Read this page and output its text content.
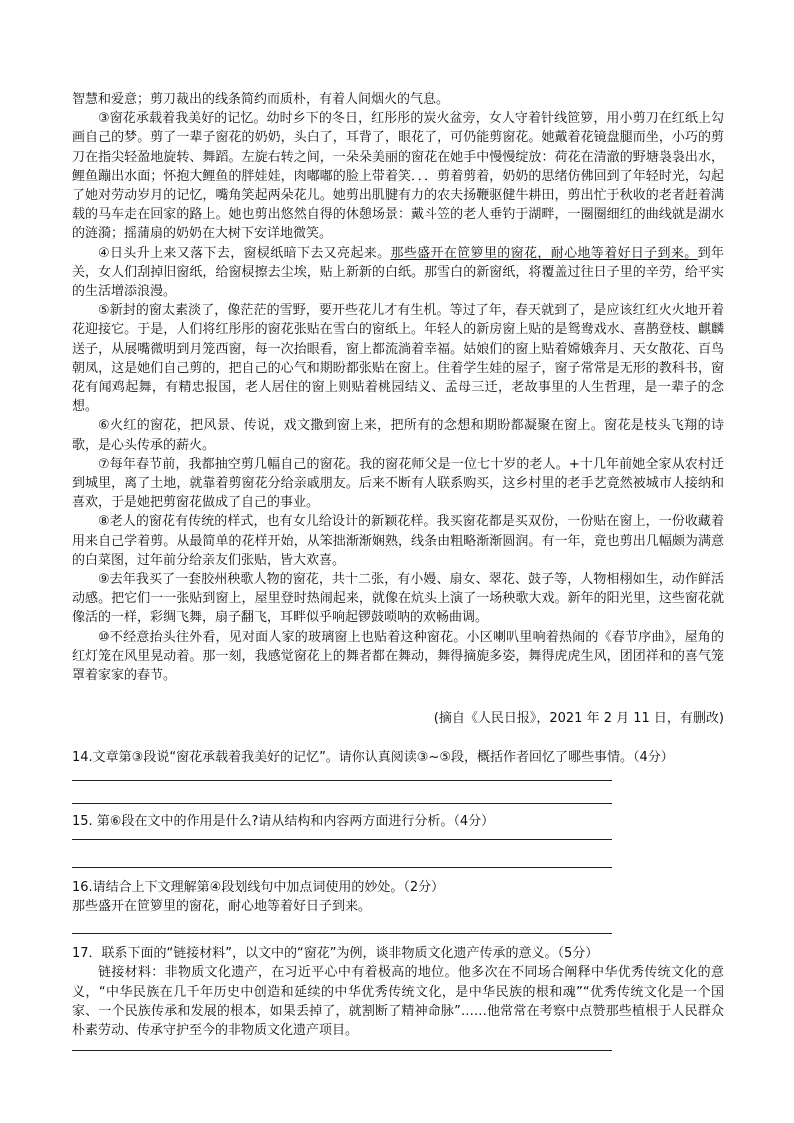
智慧和爱意；剪刀裁出的线条简约而质朴，有着人间烟火的气息。

③窗花承载着我美好的记忆。幼时乡下的冬日，红彤彤的炭火盆旁，女人守着针线笸箩，用小剪刀在红纸上勾画自己的梦。剪了一辈子窗花的奶奶，头白了，耳背了，眼花了，可仍能剪窗花。她戴着花镜盘腿而坐，小巧的剪刀在指尖轻盈地旋转、舞蹈。左旋右转之间，一朵朵美丽的窗花在她手中慢慢绽放：荷花在清澈的野塘袅袅出水，鲤鱼蹦出水面；怀抱大鲤鱼的胖娃娃，肉嘟嘟的脸上带着笑．．．剪着剪着，奶奶的思绪仿佛回到了年轻时光，勾起了她对劳动岁月的记忆，嘴角笑起两朵花儿。她剪出肌腱有力的农夫扬鞭驱健牛耕田，剪出忙于秋收的老者赶着满载的马车走在回家的路上。她也剪出悠然自得的休憩场景：戴斗笠的老人垂钓于湖畔，一圈圈细红的曲线就是湖水的涟漪；摇蒲扇的奶奶在大树下安详地微笑。

④日头升上来又落下去，窗棂纸暗下去又亮起来。那些盛开在笸箩里的窗花，耐心地等着好日子到来。到年关，女人们刮掉旧窗纸，给窗棂擦去尘埃，贴上新新的白纸。那雪白的新窗纸，将覆盖过往日子里的辛劳，给平实的生活增添浪漫。

⑤新封的窗太素淡了，像茫茫的雪野，要开些花儿才有生机。等过了年，春天就到了，是应该红红火火地开着花迎接它。于是，人们将红彤彤的窗花张贴在雪白的窗纸上。年轻人的新房窗上贴的是鸳鸯戏水、喜鹊登枝、麒麟送子，从展嘴微明到月笼西窗，每一次抬眼看，窗上都流淌着幸福。姑娘们的窗上贴着嫦娥奔月、天女散花、百鸟朝凤，这是她们自己剪的，把自己的心气和期盼都张贴在窗上。住着学生娃的屋子，窗子常常是无形的教科书，窗花有闻鸡起舞，有精忠报国，老人居住的窗上则贴着桃园结义、孟母三迁，老故事里的人生哲理，是一辈子的念想。

⑥火红的窗花，把风景、传说，戏文撒到窗上来，把所有的念想和期盼都凝聚在窗上。窗花是枝头飞翔的诗歌，是心头传承的薪火。

⑦每年春节前，我都抽空剪几幅自己的窗花。我的窗花师父是一位七十岁的老人。+十几年前她全家从农村迁到城里，离了土地，就靠着剪窗花分给亲戚朋友。后来不断有人联系购买，这乡村里的老手艺竟然被城市人接纳和喜欢，于是她把剪窗花做成了自己的事业。

⑧老人的窗花有传统的样式，也有女儿给设计的新颖花样。我买窗花都是买双份，一份贴在窗上，一份收藏着用来自己学着剪。从最简单的花样开始，从笨拙渐渐娴熟，线条由粗略渐渐圆润。有一年，竟也剪出几幅颇为满意的白菜图，过年前分给亲友们张贴，皆大欢喜。

⑨去年我买了一套胶州秧歌人物的窗花，共十二张，有小嫚、扇女、翠花、鼓子等，人物相栩如生，动作鲜活动感。把它们一一张贴到窗上，屋里登时热闹起来，就像在炕头上演了一场秧歌大戏。新年的阳光里，这些窗花就像活的一样，彩绸飞舞，扇子翻飞，耳畔似乎响起锣鼓唢呐的欢畅曲调。

⑩不经意抬头往外看，见对面人家的玻璃窗上也贴着这种窗花。小区喇叭里响着热闹的《春节序曲》，屋角的红灯笼在风里晃动着。那一刻，我感觉窗花上的舞者都在舞动，舞得摘旎多姿，舞得虎虎生风，团团祥和的喜气笼罩着家家的春节。

(摘自《人民日报》，2021 年 2 月 11 日，有删改)

14.文章第③段说“窗花承载着我美好的记忆”。请你认真阅读③~⑤段，概括作者回忆了哪些事情。（4分）

15. 第⑥段在文中的作用是什么?请从结构和内容两方面进行分析。（4分）

16.请结合上下文理解第④段划线句中加点词使用的妙处。（2分）

那些盛开在笸箩里的窗花，耐心地等着好日子到来。

17．联系下面的“链接材料”，以文中的“窗花”为例，谈非物质文化遗产传承的意义。（5分）

链接材料：非物质文化遗产，在习近平心中有着极高的地位。他多次在不同场合阐释中华优秀传统文化的意义，“中华民族在几千年历史中创造和延续的中华优秀传统文化，是中华民族的根和魂”“优秀传统文化是一个国家、一个民族传承和发展的根本，如果丢掉了，就割断了精神命脉”……他常常在考察中点赞那些植根于人民群众朴素劳动、传承守护至今的非物质文化遗产项目。
